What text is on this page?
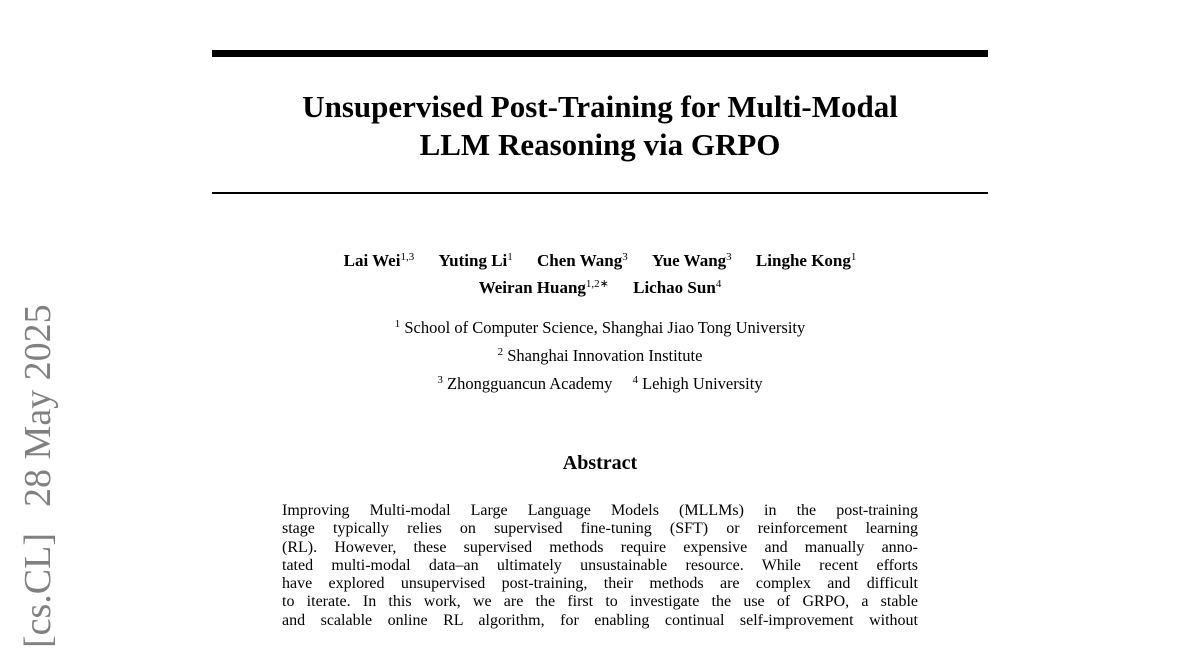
[cs.CL]28 May 2025
Unsupervised Post-Training for Multi-Modal
LLM Reasoning via GRPO
Lai Wei$^{1,3}$ Yuting Li$^1$ Chen Wang$^3$ Yue Wang$^3$ Linghe Kong$^1$
Weiran Huang$^{1,2∗}$ Lichao Sun$^4$
$^1$ School of Computer Science, Shanghai Jiao Tong University
$^2$ Shanghai Innovation Institute
$^3$ Zhongguancun Academy $^4$ Lehigh University
Abstract
Improving Multi-modal Large Language Models (MLLMs) in the post-training
stage typically relies on supervised fine-tuning (SFT) or reinforcement learning
(RL). However, these supervised methods require expensive and manually anno-
tated multi-modal data–an ultimately unsustainable resource. While recent efforts
have explored unsupervised post-training, their methods are complex and difficult
to iterate. In this work, we are the first to investigate the use of GRPO, a stable
and scalable online RL algorithm, for enabling continual self-improvement without
